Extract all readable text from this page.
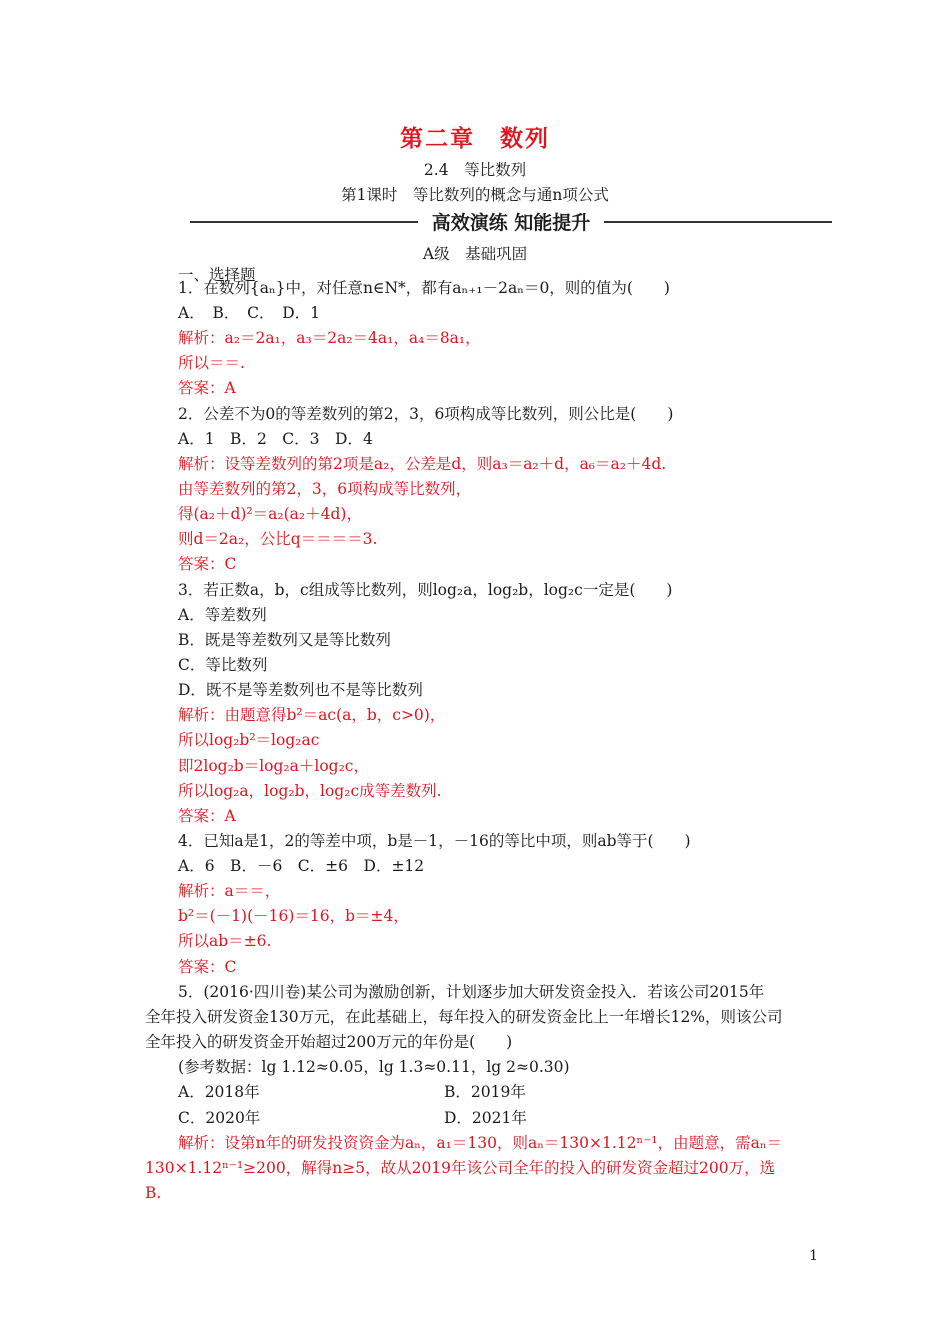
第二章　数列
2.4　等比数列
第1课时　等比数列的概念与通n项公式
高效演练 知能提升
A级　基础巩固
一、选择题
1．在数列{aₙ}中，对任意n∈N*，都有aₙ₊₁－2aₙ＝0，则的值为(　　)
A．　B．　C．　D．1
解析：a₂＝2a₁，a₃＝2a₂＝4a₁，a₄＝8a₁，
所以＝＝.
答案：A
2．公差不为0的等差数列的第2，3，6项构成等比数列，则公比是(　　)
A．1　B．2　C．3　D．4
解析：设等差数列的第2项是a₂，公差是d，则a₃＝a₂＋d，a₆＝a₂＋4d.
由等差数列的第2，3，6项构成等比数列，
得(a₂＋d)²＝a₂(a₂＋4d)，
则d＝2a₂，公比q＝＝＝＝3.
答案：C
3．若正数a，b，c组成等比数列，则log₂a，log₂b，log₂c一定是(　　)
A．等差数列
B．既是等差数列又是等比数列
C．等比数列
D．既不是等差数列也不是等比数列
解析：由题意得b²＝ac(a，b，c>0)，
所以log₂b²＝log₂ac
即2log₂b＝log₂a＋log₂c，
所以log₂a，log₂b，log₂c成等差数列.
答案：A
4．已知a是1，2的等差中项，b是－1，－16的等比中项，则ab等于(　　)
A．6　B．－6　C．±6　D．±12
解析：a＝＝，
b²＝(－1)(－16)＝16，b＝±4，
所以ab＝±6.
答案：C
5．(2016·四川卷)某公司为激励创新，计划逐步加大研发资金投入．若该公司2015年
全年投入研发资金130万元，在此基础上，每年投入的研发资金比上一年增长12%，则该公司
全年投入的研发资金开始超过200万元的年份是(　　)
(参考数据：lg 1.12≈0.05，lg 1.3≈0.11，lg 2≈0.30)
A．2018年	B．2019年
C．2020年	D．2021年
解析：设第n年的研发投资资金为aₙ，a₁＝130，则aₙ＝130×1.12ⁿ⁻¹，由题意，需aₙ＝
130×1.12ⁿ⁻¹≥200，解得n≥5，故从2019年该公司全年的投入的研发资金超过200万，选
B.
1
